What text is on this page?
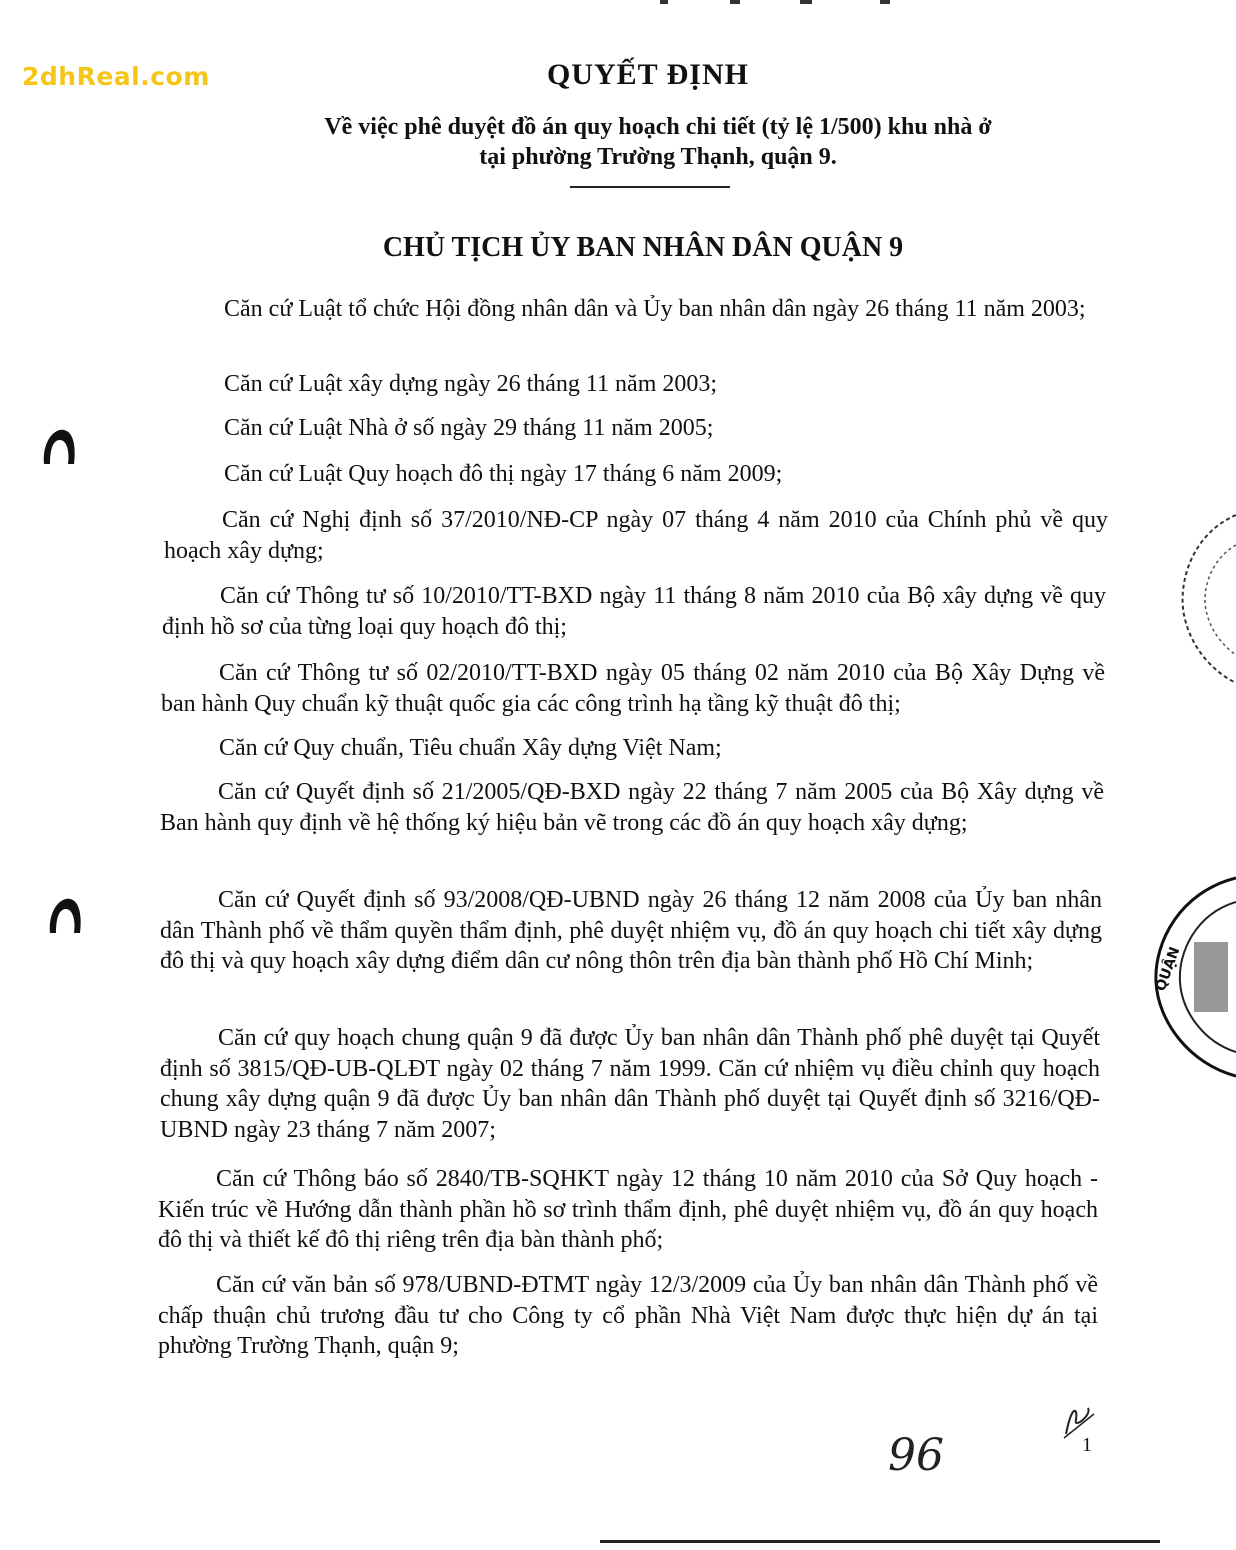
2dhReal.com	QUYẾT ĐỊNH
Về việc phê duyệt đồ án quy hoạch chi tiết (tỷ lệ 1/500) khu nhà ở
tại phường Trường Thạnh, quận 9.
CHỦ TỊCH ỦY BAN NHÂN DÂN QUẬN 9

Căn cứ Luật tổ chức Hội đồng nhân dân và Ủy ban nhân dân ngày 26 tháng 11 năm 2003;

Căn cứ Luật xây dựng ngày 26 tháng 11 năm 2003;

Căn cứ Luật Nhà ở số ngày 29 tháng 11 năm 2005;

Căn cứ Luật Quy hoạch đô thị ngày 17 tháng 6 năm 2009;

Căn cứ Nghị định số 37/2010/NĐ-CP ngày 07 tháng 4 năm 2010 của Chính phủ về quy hoạch xây dựng;

Căn cứ Thông tư số 10/2010/TT-BXD ngày 11 tháng 8 năm 2010 của Bộ xây dựng về quy định hồ sơ của từng loại quy hoạch đô thị;

Căn cứ Thông tư số 02/2010/TT-BXD ngày 05 tháng 02 năm 2010 của Bộ Xây Dựng về ban hành Quy chuẩn kỹ thuật quốc gia các công trình hạ tầng kỹ thuật đô thị;

Căn cứ Quy chuẩn, Tiêu chuẩn Xây dựng Việt Nam;

Căn cứ Quyết định số 21/2005/QĐ-BXD ngày 22 tháng 7 năm 2005 của Bộ Xây dựng về Ban hành quy định về hệ thống ký hiệu bản vẽ trong các đồ án quy hoạch xây dựng;

Căn cứ Quyết định số 93/2008/QĐ-UBND ngày 26 tháng 12 năm 2008 của Ủy ban nhân dân Thành phố về thẩm quyền thẩm định, phê duyệt nhiệm vụ, đồ án quy hoạch chi tiết xây dựng đô thị và quy hoạch xây dựng điểm dân cư nông thôn trên địa bàn thành phố Hồ Chí Minh;

Căn cứ quy hoạch chung quận 9 đã được Ủy ban nhân dân Thành phố phê duyệt tại Quyết định số 3815/QĐ-UB-QLĐT ngày 02 tháng 7 năm 1999. Căn cứ nhiệm vụ điều chỉnh quy hoạch chung xây dựng quận 9 đã được Ủy ban nhân dân Thành phố duyệt tại Quyết định số 3216/QĐ-UBND ngày 23 tháng 7 năm 2007;

Căn cứ Thông báo số 2840/TB-SQHKT ngày 12 tháng 10 năm 2010 của Sở Quy hoạch - Kiến trúc về Hướng dẫn thành phần hồ sơ trình thẩm định, phê duyệt nhiệm vụ, đồ án quy hoạch đô thị và thiết kế đô thị riêng trên địa bàn thành phố;

Căn cứ văn bản số 978/UBND-ĐTMT ngày 12/3/2009 của Ủy ban nhân dân Thành phố về chấp thuận chủ trương đầu tư cho Công ty cổ phần Nhà Việt Nam được thực hiện dự án tại phường Trường Thạnh, quận 9;

QUẬN
96	1
